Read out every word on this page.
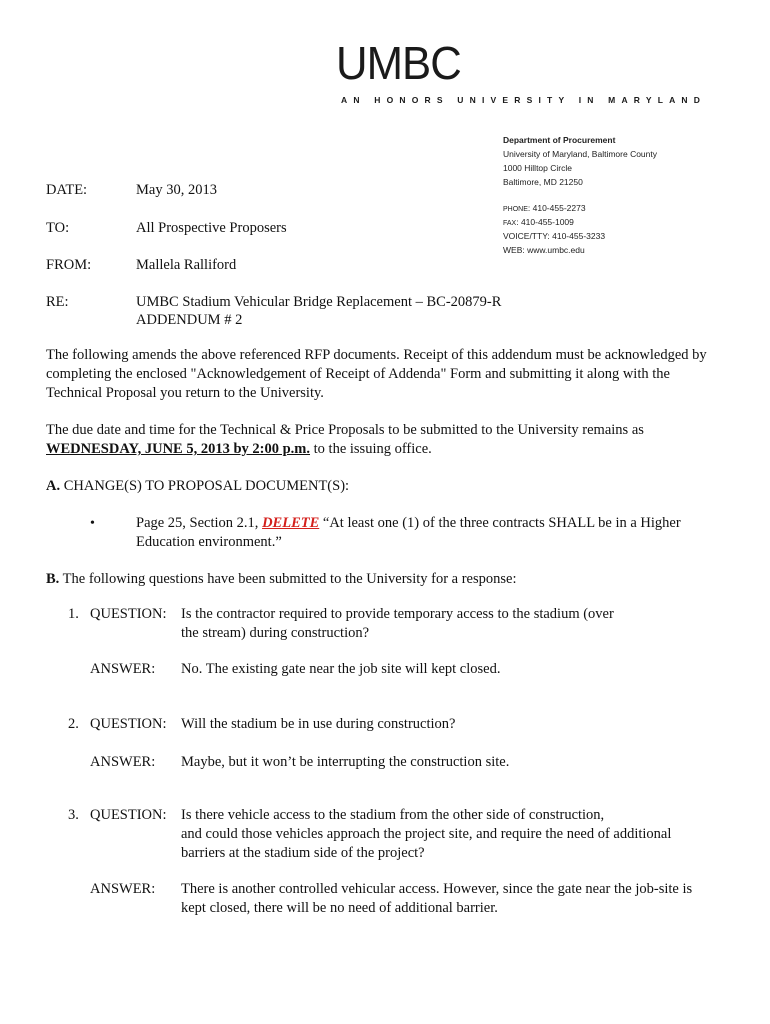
UMBC
AN HONORS UNIVERSITY IN MARYLAND
Department of Procurement
University of Maryland, Baltimore County
1000 Hilltop Circle
Baltimore, MD 21250
PHONE: 410-455-2273
FAX: 410-455-1009
VOICE/TTY: 410-455-3233
WEB: www.umbc.edu
DATE:	May 30, 2013
TO:	All Prospective Proposers
FROM:	Mallela Ralliford
RE:	UMBC Stadium Vehicular Bridge Replacement – BC-20879-R
ADDENDUM # 2
The following amends the above referenced RFP documents. Receipt of this addendum must be acknowledged by completing the enclosed "Acknowledgement of Receipt of Addenda" Form and submitting it along with the Technical Proposal you return to the University.
The due date and time for the Technical & Price Proposals to be submitted to the University remains as
WEDNESDAY, JUNE 5, 2013 by 2:00 p.m. to the issuing office.
A. CHANGE(S) TO PROPOSAL DOCUMENT(S):
•	Page 25, Section 2.1, DELETE “At least one (1) of the three contracts SHALL be in a Higher
Education environment.”
B. The following questions have been submitted to the University for a response:
1. QUESTION: Is the contractor required to provide temporary access to the stadium (over
the stream) during construction?
ANSWER: No. The existing gate near the job site will kept closed.
2. QUESTION: Will the stadium be in use during construction?
ANSWER: Maybe, but it won’t be interrupting the construction site.
3. QUESTION: Is there vehicle access to the stadium from the other side of construction,
and could those vehicles approach the project site, and require the need of additional
barriers at the stadium side of the project?
ANSWER: There is another controlled vehicular access. However, since the gate near the job-site is
kept closed, there will be no need of additional barrier.
